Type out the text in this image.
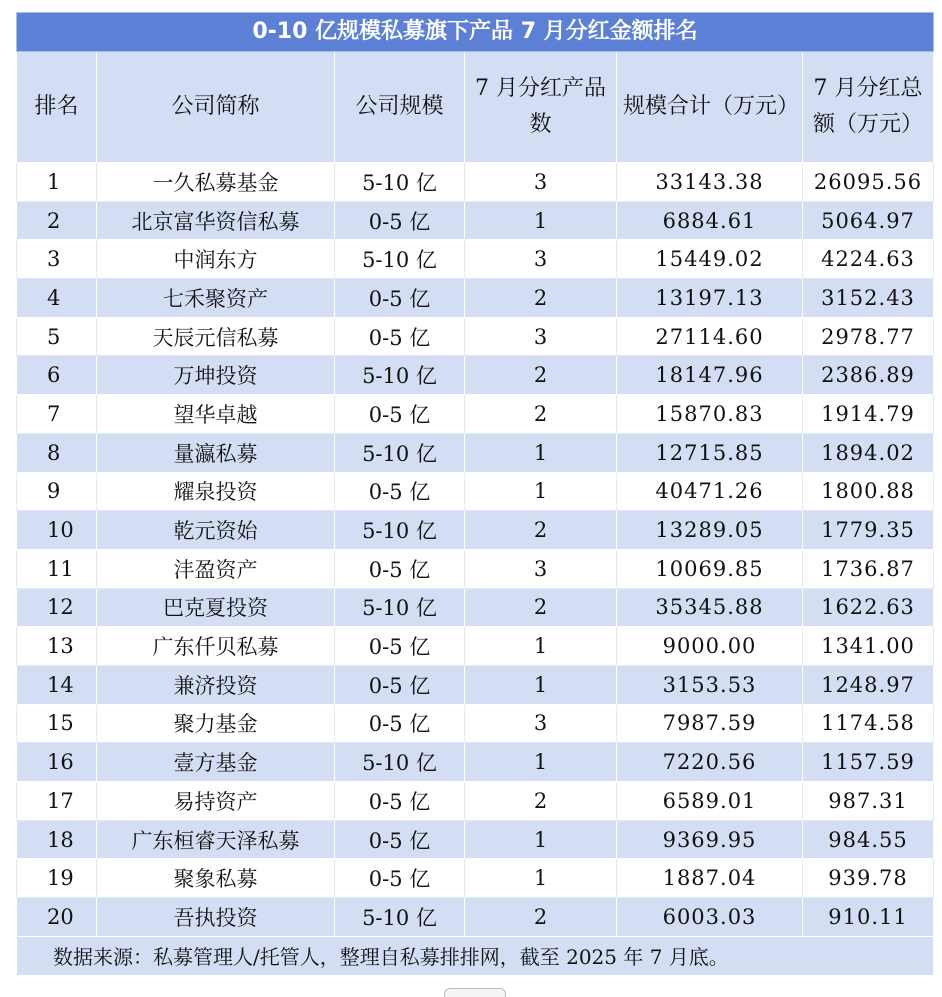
0-10 亿规模私募旗下产品 7 月分红金额排名					
排名	公司简称	公司规模	7 月分红产品数	规模合计（万元）	7 月分红总额（万元）
1	一久私募基金	5-10 亿	3	33143.38	26095.56
2	北京富华资信私募	0-5 亿	1	6884.61	5064.97
3	中润东方	5-10 亿	3	15449.02	4224.63
4	七禾聚资产	0-5 亿	2	13197.13	3152.43
5	天辰元信私募	0-5 亿	3	27114.60	2978.77
6	万坤投资	5-10 亿	2	18147.96	2386.89
7	望华卓越	0-5 亿	2	15870.83	1914.79
8	量瀛私募	5-10 亿	1	12715.85	1894.02
9	耀泉投资	0-5 亿	1	40471.26	1800.88
10	乾元资始	5-10 亿	2	13289.05	1779.35
11	沣盈资产	0-5 亿	3	10069.85	1736.87
12	巴克夏投资	5-10 亿	2	35345.88	1622.63
13	广东仟贝私募	0-5 亿	1	9000.00	1341.00
14	兼济投资	0-5 亿	1	3153.53	1248.97
15	聚力基金	0-5 亿	3	7987.59	1174.58
16	壹方基金	5-10 亿	1	7220.56	1157.59
17	易持资产	0-5 亿	2	6589.01	987.31
18	广东桓睿天泽私募	0-5 亿	1	9369.95	984.55
19	聚象私募	0-5 亿	1	1887.04	939.78
20	吾执投资	5-10 亿	2	6003.03	910.11
数据来源：私募管理人/托管人，整理自私募排排网，截至 2025 年 7 月底。					
